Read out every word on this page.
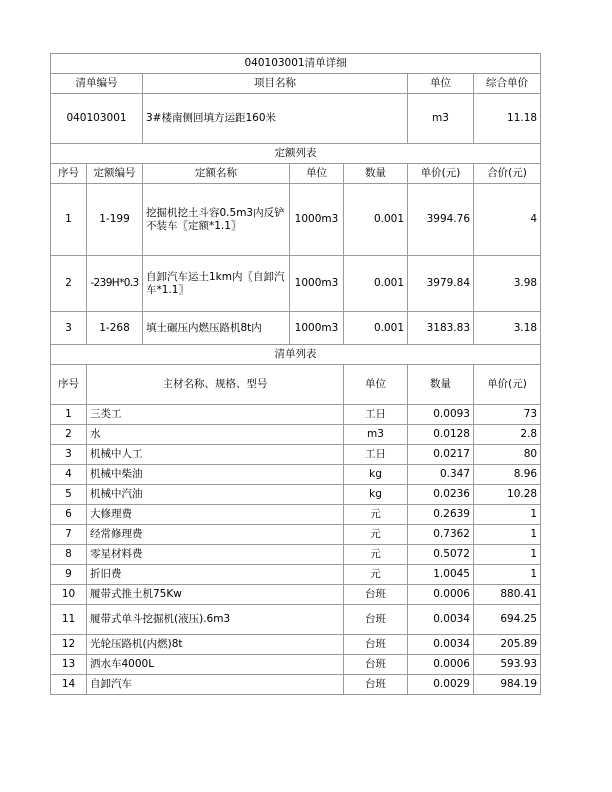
040103001清单详细							
清单编号		项目名称			单位	综合单价	
040103001		3#楼南侧回填方运距160米			m3	11.18	
定额列表							
序号	定额编号	定额名称	单位	数量	单价(元)	合价(元)	
1	1-199	挖掘机挖土斗容0.5m3内反铲不装车〖定额*1.1〗	1000m3	0.001	3994.76	4	
2	-239H*0.3	自卸汽车运土1km内〖自卸汽车*1.1〗	1000m3	0.001	3979.84	3.98	
3	1-268	填土碾压内燃压路机8t内	1000m3	0.001	3183.83	3.18	
清单列表							
序号	主材名称、规格、型号			单位	数量	单价(元)	
1	三类工			工日	0.0093	73	
2	水			m3	0.0128	2.8	
3	机械中人工			工日	0.0217	80	
4	机械中柴油			kg	0.347	8.96	
5	机械中汽油			kg	0.0236	10.28	
6	大修理费			元	0.2639	1	
7	经常修理费			元	0.7362	1	
8	零星材料费			元	0.5072	1	
9	折旧费			元	1.0045	1	
10	履带式推土机75Kw			台班	0.0006	880.41	
11	履带式单斗挖掘机(液压).6m3			台班	0.0034	694.25	
12	光轮压路机(内燃)8t			台班	0.0034	205.89	
13	洒水车4000L			台班	0.0006	593.93	
14	自卸汽车			台班	0.0029	984.19	
